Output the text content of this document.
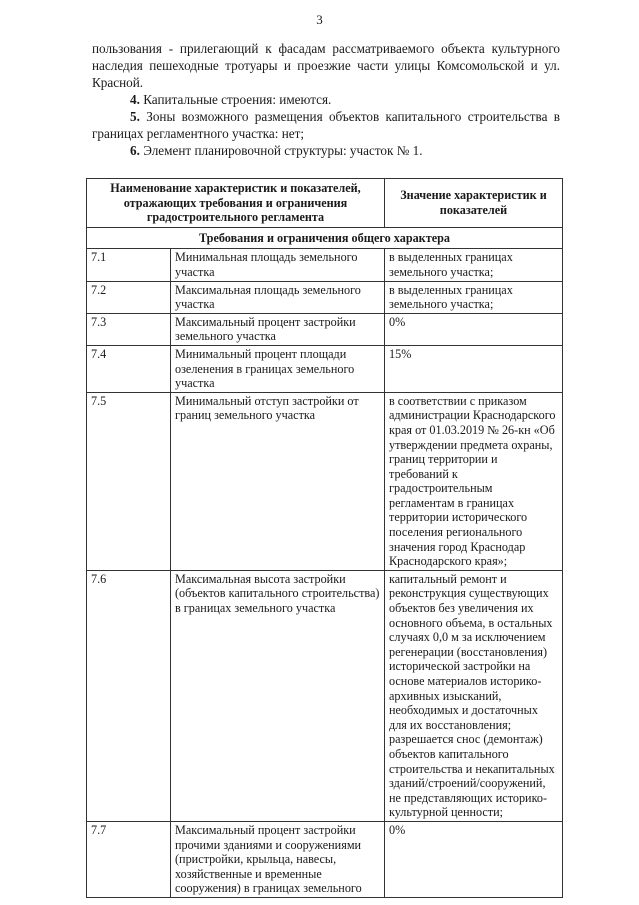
3

пользования - прилегающий к фасадам рассматриваемого объекта культурного наследия пешеходные тротуары и проезжие части улицы Комсомольской и ул. Красной.

4. Капитальные строения: имеются.

5. Зоны возможного размещения объектов капитального строительства в границах регламентного участка: нет;

6. Элемент планировочной структуры: участок № 1.

Наименование характеристик и показателей, отражающих требования и ограничения градостроительного регламента		Значение характеристик и показателей
Требования и ограничения общего характера		
7.1	Минимальная площадь земельного участка	в выделенных границах земельного участка;
7.2	Максимальная площадь земельного участка	в выделенных границах земельного участка;
7.3	Максимальный процент застройки земельного участка	0%
7.4	Минимальный процент площади озеленения в границах земельного участка	15%
7.5	Минимальный отступ застройки от границ земельного участка	в соответствии с приказом администрации Краснодарского края от 01.03.2019 № 26-кн «Об утверждении предмета охраны, границ территории и требований к градостроительным регламентам в границах территории исторического поселения регионального значения город Краснодар Краснодарского края»;
7.6	Максимальная высота застройки (объектов капитального строительства) в границах земельного участка	капитальный ремонт и реконструкция существующих объектов без увеличения их основного объема, в остальных случаях 0,0 м за исключением регенерации (восстановления) исторической застройки на основе материалов историко-архивных изысканий, необходимых и достаточных для их восстановления; разрешается снос (демонтаж) объектов капитального строительства и некапитальных зданий/строений/сооружений, не представляющих историко-культурной ценности;
7.7	Максимальный процент застройки прочими зданиями и сооружениями (пристройки, крыльца, навесы, хозяйственные и временные сооружения) в границах земельного	0%
